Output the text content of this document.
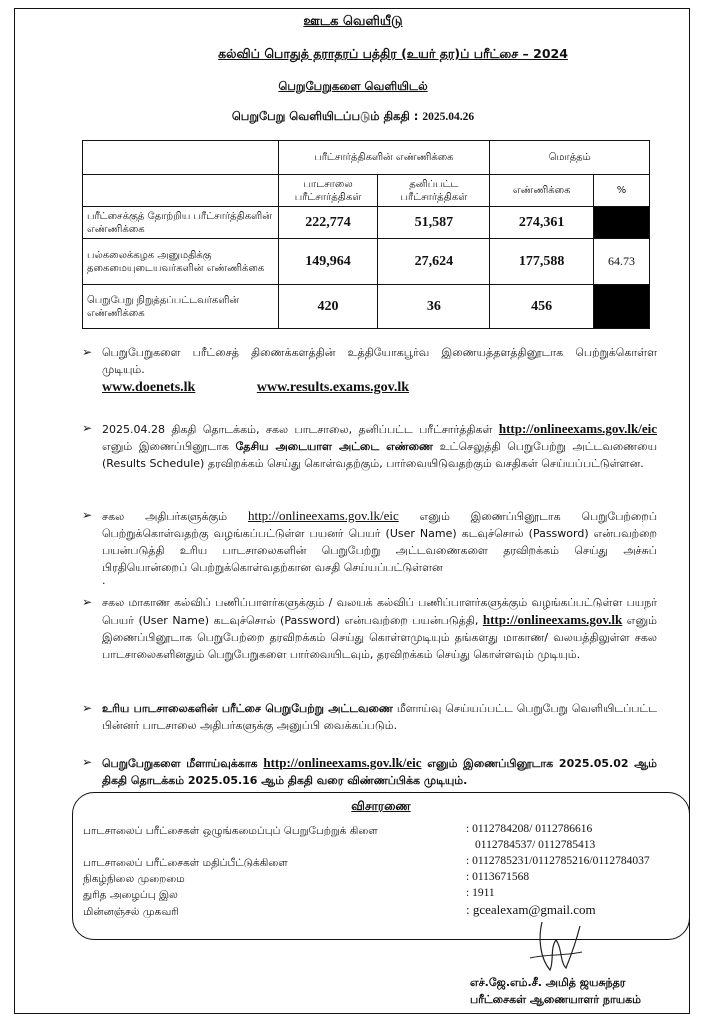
ஊடக வெளியீடு
கல்விப் பொதுத் தராதரப் பத்திர (உயர் தர)ப் பரீட்சை – 2024
பெறுபேறுகளை வெளியிடல்
பெறுபேறு வெளியிடப்படும் திகதி : 2025.04.26
	பரீட்சார்த்திகளின் எண்ணிக்கை		மொத்தம்	
	பாடசாலை பரீட்சார்த்திகள்	தனிப்பட்ட பரீட்சார்த்திகள்	எண்ணிக்கை	%
பரீட்சைக்குத் தோற்றிய பரீட்சார்த்திகளின் எண்ணிக்கை	222,774	51,587	274,361	
பல்கலைக்கழக அனுமதிக்கு தகைமையுடையவர்களின் எண்ணிக்கை	149,964	27,624	177,588	64.73
பெறுபேறு நிறுத்தப்பட்டவர்களின் எண்ணிக்கை	420	36	456	
➢ பெறுபேறுகளை பரீட்சைத் திணைக்களத்தின் உத்தியோகபூர்வ இணையத்தளத்தினூடாக பெற்றுக்கொள்ள முடியும்.
www.doenets.lk	www.results.exams.gov.lk
➢ 2025.04.28 திகதி தொடக்கம், சகல பாடசாலை, தனிப்பட்ட பரீட்சார்த்திகள் http://onlineexams.gov.lk/eic எனும் இணைப்பினூடாக தேசிய அடையாள அட்டை எண்ணை உட்செலுத்தி பெறுபேற்று அட்டவணையை (Results Schedule) தரவிறக்கம் செய்து கொள்வதற்கும், பார்வையிடுவதற்கும் வசதிகள் செய்யப்பட்டுள்ளன.
➢ சகல அதிபர்களுக்கும் http://onlineexams.gov.lk/eic எனும் இணைப்பினூடாக பெறுபேற்றைப் பெற்றுக்கொள்வதற்கு வழங்கப்பட்டுள்ள பயனர் பெயர் (User Name) கடவுச்சொல் (Password) என்பவற்றை பயன்படுத்தி உரிய பாடசாலைகளின் பெறுபேற்று அட்டவணைகளை தரவிறக்கம் செய்து அச்சுப் பிரதியொன்றைப் பெற்றுக்கொள்வதற்கான வசதி செய்யப்பட்டுள்ளன
.
➢ சகல மாகாண கல்விப் பணிப்பாளர்களுக்கும் / வலயக் கல்விப் பணிப்பாளர்களுக்கும் வழங்கப்பட்டுள்ள பயநர் பெயர் (User Name) கடவுச்சொல் (Password) என்பவற்றை பயன்படுத்தி, http://onlineexams.gov.lk எனும் இணைப்பினூடாக பெறுபேற்றை தரவிறக்கம் செய்து கொள்ளமுடியும் தங்களது மாகாண/ வலயத்திலுள்ள சகல பாடசாலைகளினதும் பெறுபேறுகளை பார்வையிடவும், தரவிறக்கம் செய்து கொள்ளவும் முடியும்.
➢ உரிய பாடசாலைகளின் பரீட்சை பெறுபேற்று அட்டவணை மீளாய்வு செய்யப்பட்ட பெறுபேறு வெளியிடப்பட்ட பின்னர் பாடசாலை அதிபர்களுக்கு அனுப்பி வைக்கப்படும்.
➢ பெறுபேறுகளை மீளாய்வுக்காக http://onlineexams.gov.lk/eic எனும் இணைப்பினூடாக 2025.05.02 ஆம் திகதி தொடக்கம் 2025.05.16 ஆம் திகதி வரை விண்ணப்பிக்க முடியும்.
விசாரணை
பாடசாலைப் பரீட்சைகள் ஒழுங்கமைப்புப் பெறுபேற்றுக் கிளை	: 0112784208/ 0112786616
0112784537/ 0112785413
பாடசாலைப் பரீட்சைகள் மதிப்பீட்டுக்கிளை	: 0112785231/0112785216/0112784037
நிகழ்நிலை முறைமை	: 0113671568
துரித அழைப்பு இல	: 1911
மின்னஞ்சல் முகவரி	: gcealexam@gmail.com
எச்.ஜே.எம்.சீ. அமித் ஜயசுந்தர
பரீட்சைகள் ஆணையாளர் நாயகம்
